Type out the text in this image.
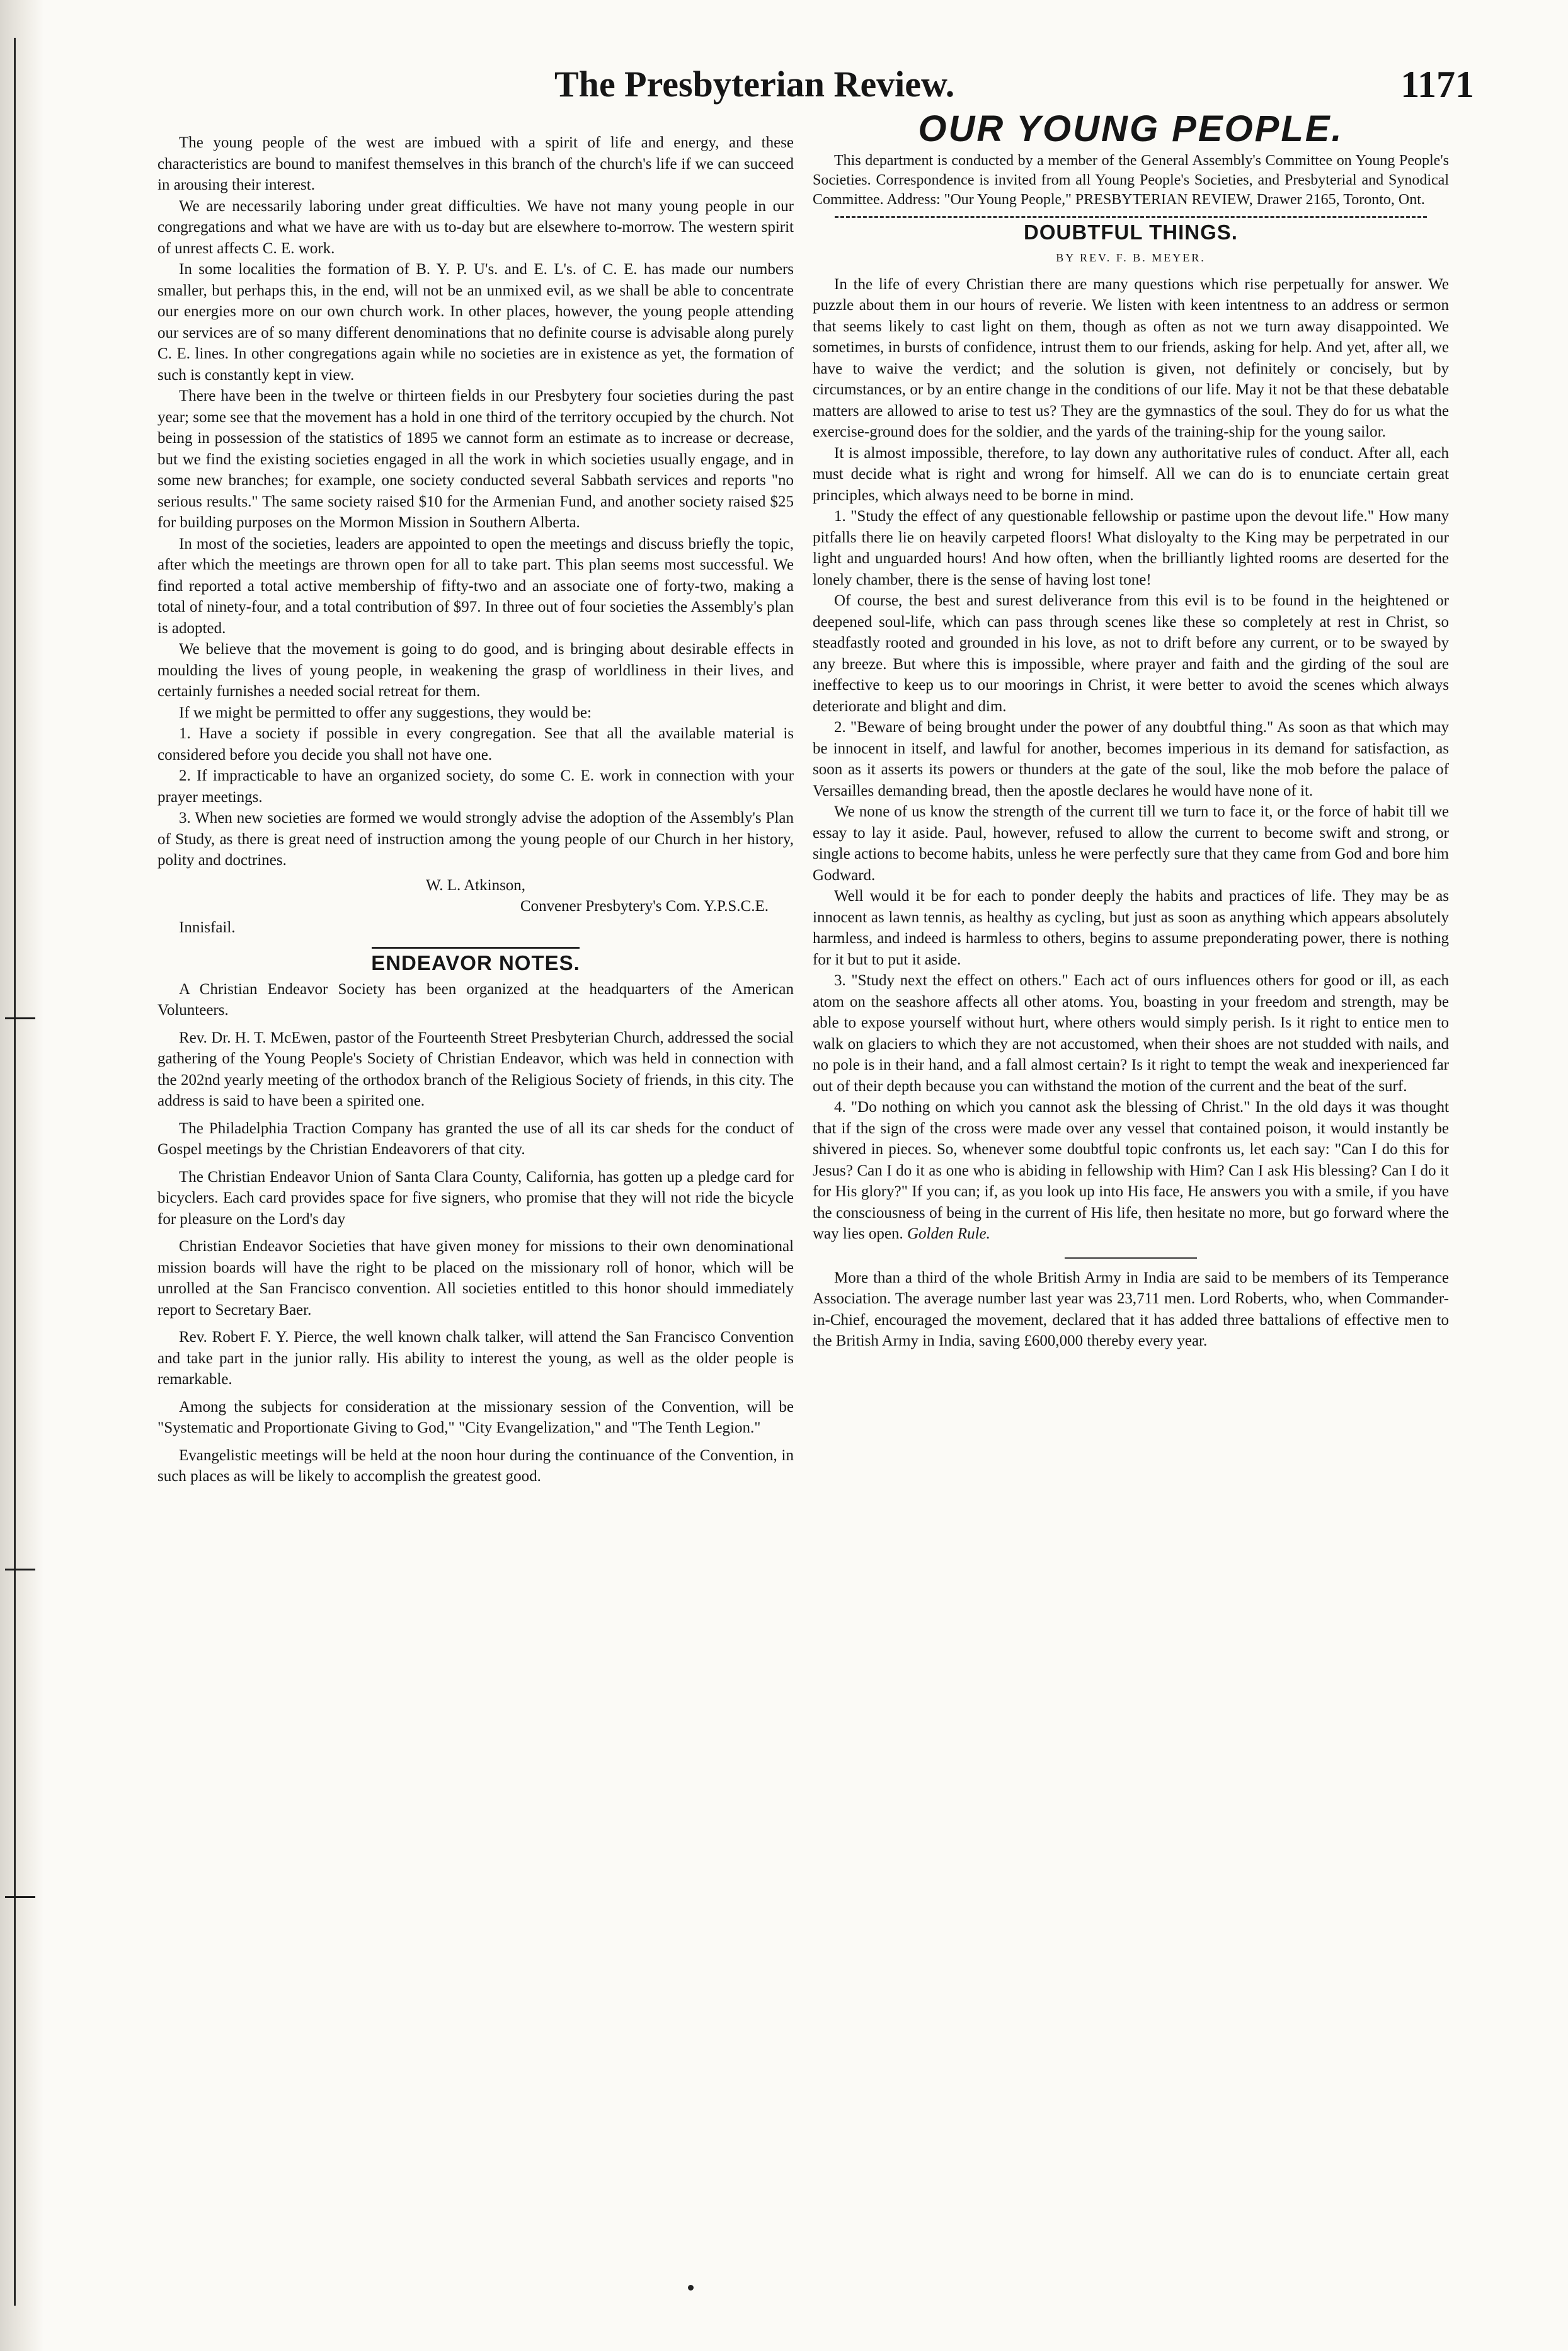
The Presbyterian Review.	1171

The young people of the west are imbued with a spirit of life and energy, and these characteristics are bound to manifest themselves in this branch of the church's life if we can succeed in arousing their interest.

We are necessarily laboring under great difficulties. We have not many young people in our congregations and what we have are with us to-day but are elsewhere to-morrow. The western spirit of unrest affects C. E. work.

In some localities the formation of B. Y. P. U's. and E. L's. of C. E. has made our numbers smaller, but perhaps this, in the end, will not be an unmixed evil, as we shall be able to concentrate our energies more on our own church work. In other places, however, the young people attending our services are of so many different denominations that no definite course is advisable along purely C. E. lines. In other congregations again while no societies are in existence as yet, the formation of such is constantly kept in view.

There have been in the twelve or thirteen fields in our Presbytery four societies during the past year; some see that the movement has a hold in one third of the territory occupied by the church. Not being in possession of the statistics of 1895 we cannot form an estimate as to increase or decrease, but we find the existing societies engaged in all the work in which societies usually engage, and in some new branches; for example, one society conducted several Sabbath services and reports "no serious results." The same society raised $10 for the Armenian Fund, and another society raised $25 for building purposes on the Mormon Mission in Southern Alberta.

In most of the societies, leaders are appointed to open the meetings and discuss briefly the topic, after which the meetings are thrown open for all to take part. This plan seems most successful. We find reported a total active membership of fifty-two and an associate one of forty-two, making a total of ninety-four, and a total contribution of $97. In three out of four societies the Assembly's plan is adopted.

We believe that the movement is going to do good, and is bringing about desirable effects in moulding the lives of young people, in weakening the grasp of worldliness in their lives, and certainly furnishes a needed social retreat for them.

If we might be permitted to offer any suggestions, they would be:

1. Have a society if possible in every congregation. See that all the available material is considered before you decide you shall not have one.

2. If impracticable to have an organized society, do some C. E. work in connection with your prayer meetings.

3. When new societies are formed we would strongly advise the adoption of the Assembly's Plan of Study, as there is great need of instruction among the young people of our Church in her history, polity and doctrines.

W. L. Atkinson,
Convener Presbytery's Com. Y.P.S.C.E.
Innisfail.
ENDEAVOR NOTES.

A Christian Endeavor Society has been organized at the headquarters of the American Volunteers.

Rev. Dr. H. T. McEwen, pastor of the Fourteenth Street Presbyterian Church, addressed the social gathering of the Young People's Society of Christian Endeavor, which was held in connection with the 202nd yearly meeting of the orthodox branch of the Religious Society of friends, in this city. The address is said to have been a spirited one.

The Philadelphia Traction Company has granted the use of all its car sheds for the conduct of Gospel meetings by the Christian Endeavorers of that city.

The Christian Endeavor Union of Santa Clara County, California, has gotten up a pledge card for bicyclers. Each card provides space for five signers, who promise that they will not ride the bicycle for pleasure on the Lord's day

Christian Endeavor Societies that have given money for missions to their own denominational mission boards will have the right to be placed on the missionary roll of honor, which will be unrolled at the San Francisco convention. All societies entitled to this honor should immediately report to Secretary Baer.

Rev. Robert F. Y. Pierce, the well known chalk talker, will attend the San Francisco Convention and take part in the junior rally. His ability to interest the young, as well as the older people is remarkable.

Among the subjects for consideration at the missionary session of the Convention, will be "Systematic and Proportionate Giving to God," "City Evangelization," and "The Tenth Legion."

Evangelistic meetings will be held at the noon hour during the continuance of the Convention, in such places as will be likely to accomplish the greatest good.

OUR YOUNG PEOPLE.

This department is conducted by a member of the General Assembly's Committee on Young People's Societies. Correspondence is invited from all Young People's Societies, and Presbyterial and Synodical Committee. Address: "Our Young People," PRESBYTERIAN REVIEW, Drawer 2165, Toronto, Ont.

DOUBTFUL THINGS.
BY REV. F. B. MEYER.

In the life of every Christian there are many questions which rise perpetually for answer. We puzzle about them in our hours of reverie. We listen with keen intentness to an address or sermon that seems likely to cast light on them, though as often as not we turn away disappointed. We sometimes, in bursts of confidence, intrust them to our friends, asking for help. And yet, after all, we have to waive the verdict; and the solution is given, not definitely or concisely, but by circumstances, or by an entire change in the conditions of our life. May it not be that these debatable matters are allowed to arise to test us? They are the gymnastics of the soul. They do for us what the exercise-ground does for the soldier, and the yards of the training-ship for the young sailor.

It is almost impossible, therefore, to lay down any authoritative rules of conduct. After all, each must decide what is right and wrong for himself. All we can do is to enunciate certain great principles, which always need to be borne in mind.

1. "Study the effect of any questionable fellowship or pastime upon the devout life." How many pitfalls there lie on heavily carpeted floors! What disloyalty to the King may be perpetrated in our light and unguarded hours! And how often, when the brilliantly lighted rooms are deserted for the lonely chamber, there is the sense of having lost tone!

Of course, the best and surest deliverance from this evil is to be found in the heightened or deepened soul-life, which can pass through scenes like these so completely at rest in Christ, so steadfastly rooted and grounded in his love, as not to drift before any current, or to be swayed by any breeze. But where this is impossible, where prayer and faith and the girding of the soul are ineffective to keep us to our moorings in Christ, it were better to avoid the scenes which always deteriorate and blight and dim.

2. "Beware of being brought under the power of any doubtful thing." As soon as that which may be innocent in itself, and lawful for another, becomes imperious in its demand for satisfaction, as soon as it asserts its powers or thunders at the gate of the soul, like the mob before the palace of Versailles demanding bread, then the apostle declares he would have none of it.

We none of us know the strength of the current till we turn to face it, or the force of habit till we essay to lay it aside. Paul, however, refused to allow the current to become swift and strong, or single actions to become habits, unless he were perfectly sure that they came from God and bore him Godward.

Well would it be for each to ponder deeply the habits and practices of life. They may be as innocent as lawn tennis, as healthy as cycling, but just as soon as anything which appears absolutely harmless, and indeed is harmless to others, begins to assume preponderating power, there is nothing for it but to put it aside.

3. "Study next the effect on others." Each act of ours influences others for good or ill, as each atom on the seashore affects all other atoms. You, boasting in your freedom and strength, may be able to expose yourself without hurt, where others would simply perish. Is it right to entice men to walk on glaciers to which they are not accustomed, when their shoes are not studded with nails, and no pole is in their hand, and a fall almost certain? Is it right to tempt the weak and inexperienced far out of their depth because you can withstand the motion of the current and the beat of the surf.

4. "Do nothing on which you cannot ask the blessing of Christ." In the old days it was thought that if the sign of the cross were made over any vessel that contained poison, it would instantly be shivered in pieces. So, whenever some doubtful topic confronts us, let each say: "Can I do this for Jesus? Can I do it as one who is abiding in fellowship with Him? Can I ask His blessing? Can I do it for His glory?" If you can; if, as you look up into His face, He answers you with a smile, if you have the consciousness of being in the current of His life, then hesitate no more, but go forward where the way lies open. Golden Rule.

More than a third of the whole British Army in India are said to be members of its Temperance Association. The average number last year was 23,711 men. Lord Roberts, who, when Commander-in-Chief, encouraged the movement, declared that it has added three battalions of effective men to the British Army in India, saving £600,000 thereby every year.
